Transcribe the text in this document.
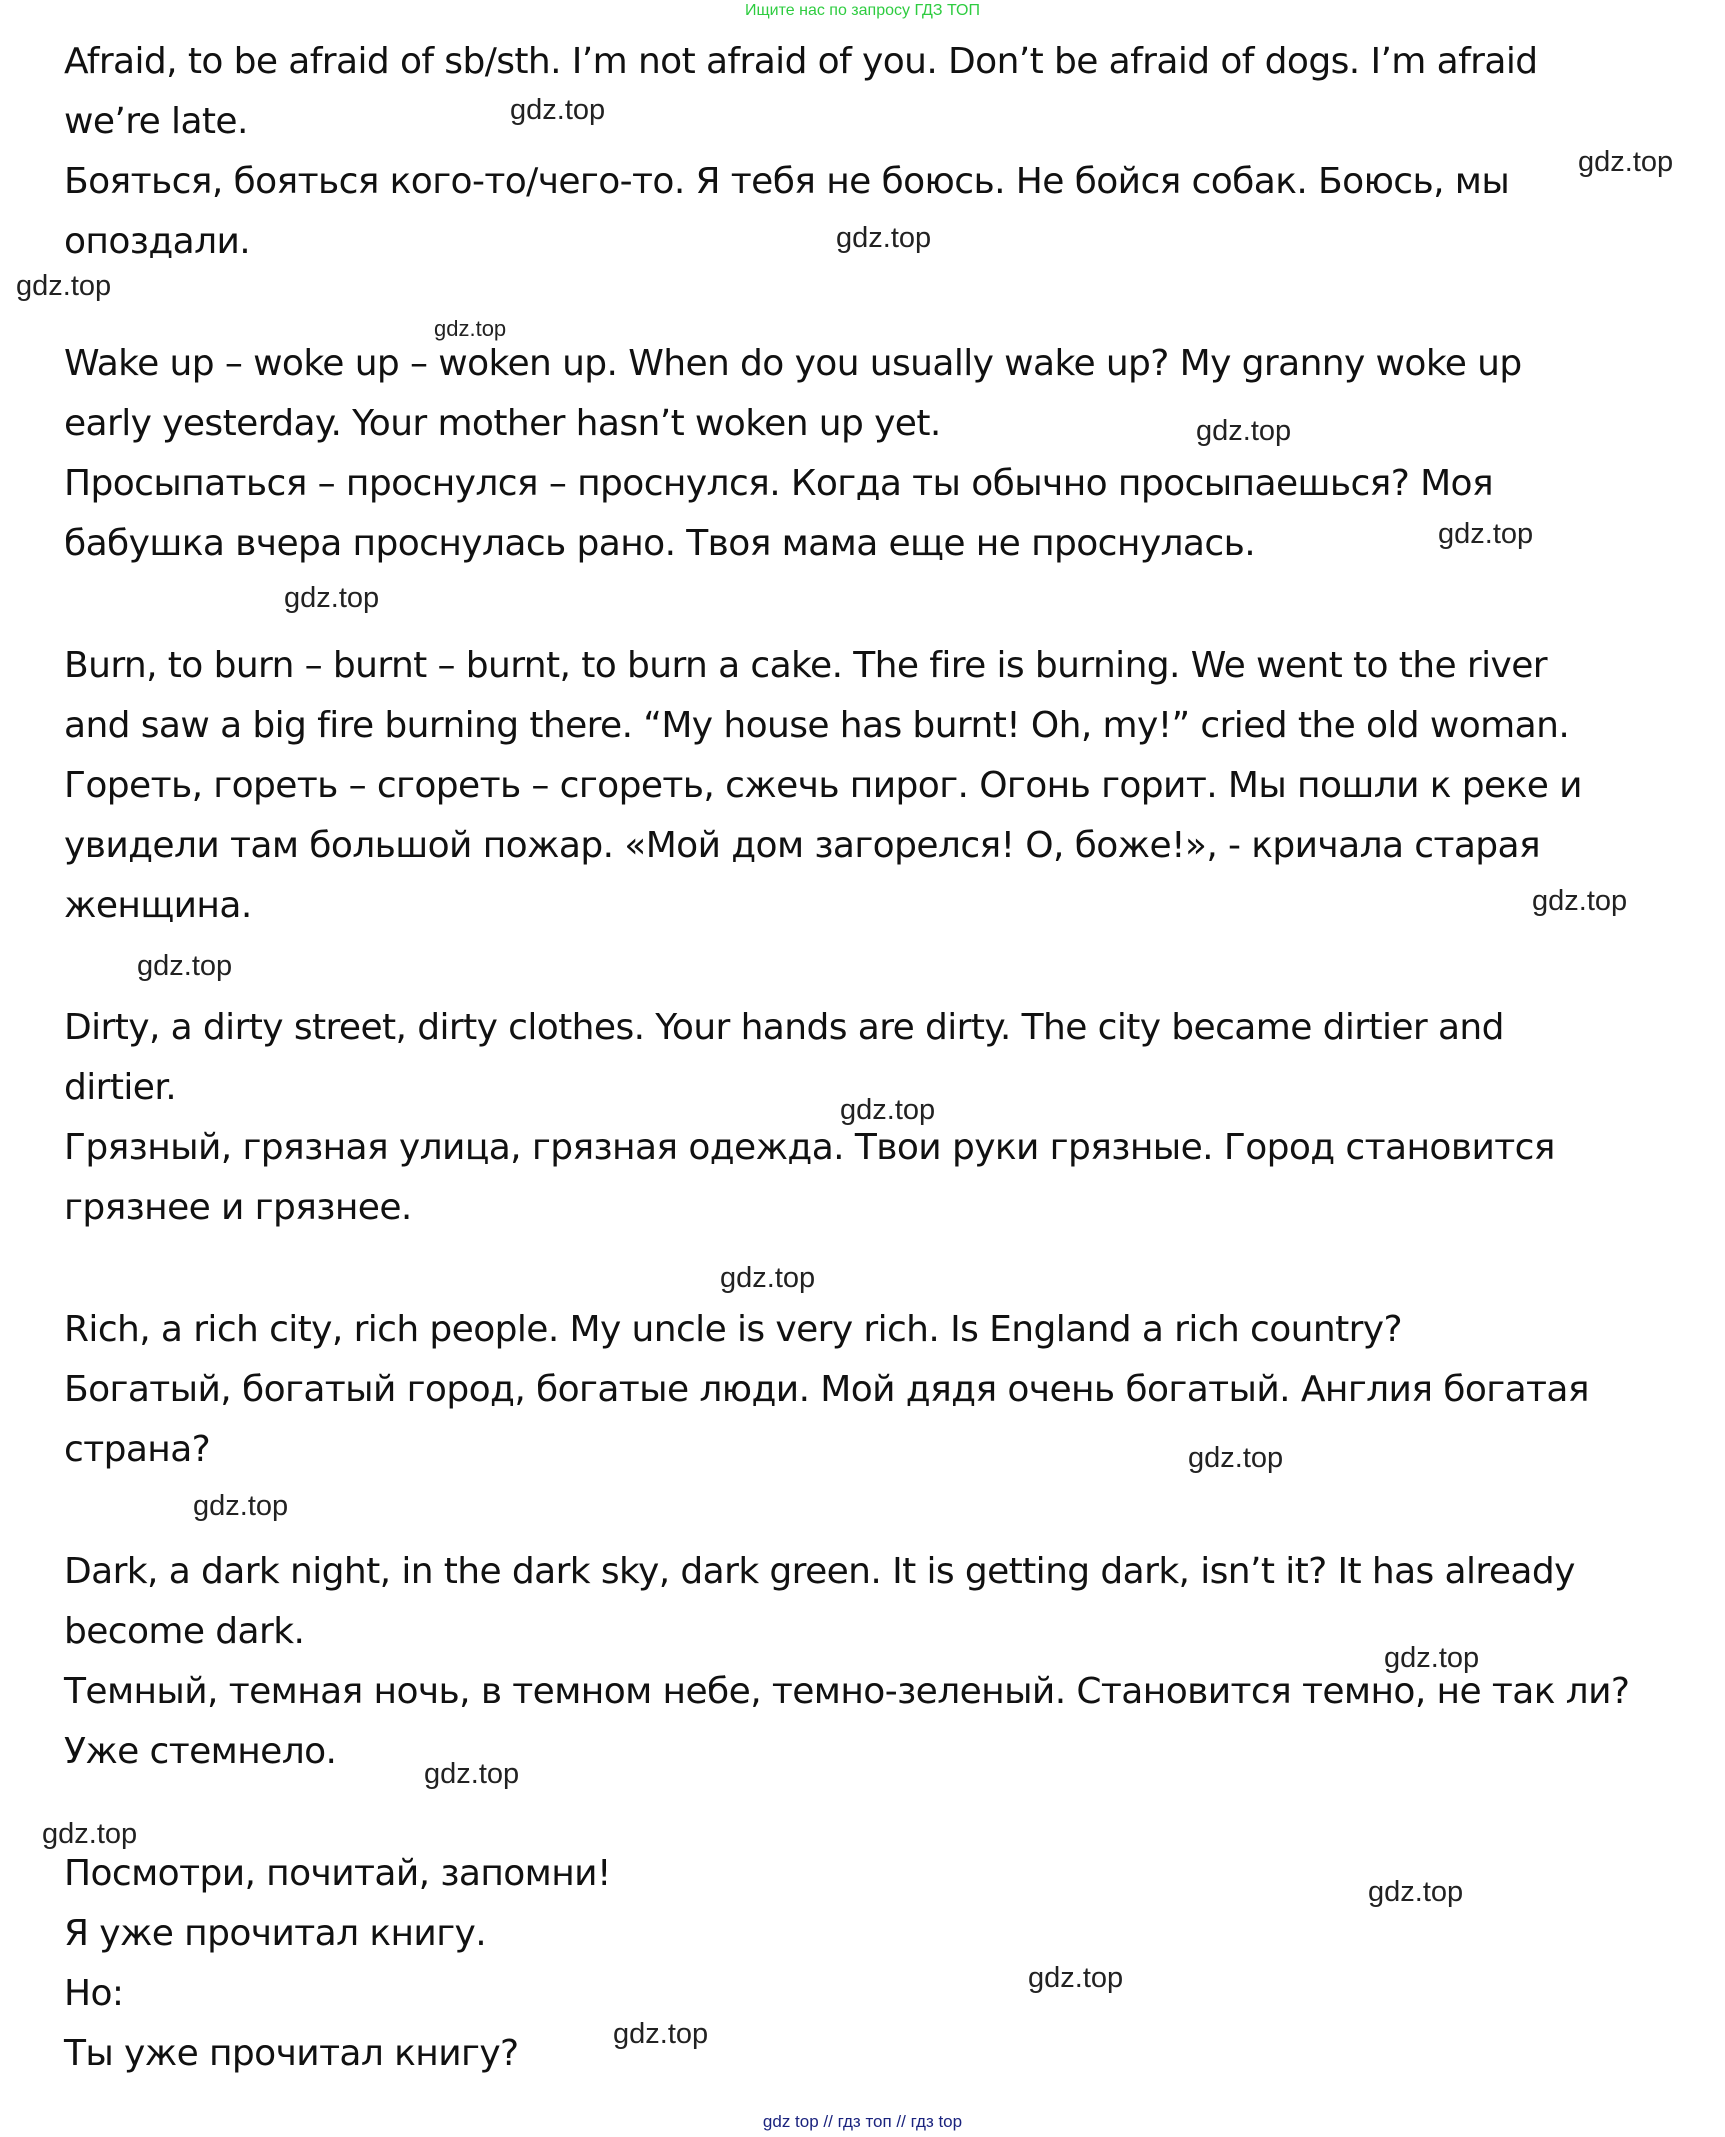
Ищите нас по запросу ГДЗ ТОП
Afraid, to be afraid of sb/sth. I’m not afraid of you. Don’t be afraid of dogs. I’m afraid
we’re late.
Бояться, бояться кого-то/чего-то. Я тебя не боюсь. Не бойся собак. Боюсь, мы
опоздали.
Wake up – woke up – woken up. When do you usually wake up? My granny woke up
early yesterday. Your mother hasn’t woken up yet.
Просыпаться – проснулся – проснулся. Когда ты обычно просыпаешься? Моя
бабушка вчера проснулась рано. Твоя мама еще не проснулась.
Burn, to burn – burnt – burnt, to burn a cake. The fire is burning. We went to the river
and saw a big fire burning there. “My house has burnt! Oh, my!” cried the old woman.
Гореть, гореть – сгореть – сгореть, сжечь пирог. Огонь горит. Мы пошли к реке и
увидели там большой пожар. «Мой дом загорелся! О, боже!», - кричала старая
женщина.
Dirty, a dirty street, dirty clothes. Your hands are dirty. The city became dirtier and
dirtier.
Грязный, грязная улица, грязная одежда. Твои руки грязные. Город становится
грязнее и грязнее.
Rich, a rich city, rich people. My uncle is very rich. Is England a rich country?
Богатый, богатый город, богатые люди. Мой дядя очень богатый. Англия богатая
страна?
Dark, a dark night, in the dark sky, dark green. It is getting dark, isn’t it? It has already
become dark.
Темный, темная ночь, в темном небе, темно-зеленый. Становится темно, не так ли?
Уже стемнело.
Посмотри, почитай, запомни!
Я уже прочитал книгу.
Но:
Ты уже прочитал книгу?
gdz.top
gdz.top
gdz.top
gdz.top
gdz.top
gdz.top
gdz.top
gdz.top
gdz.top
gdz.top
gdz.top
gdz.top
gdz.top
gdz.top
gdz.top
gdz.top
gdz.top
gdz.top
gdz.top
gdz.top
gdz top // гдз топ // гдз top
